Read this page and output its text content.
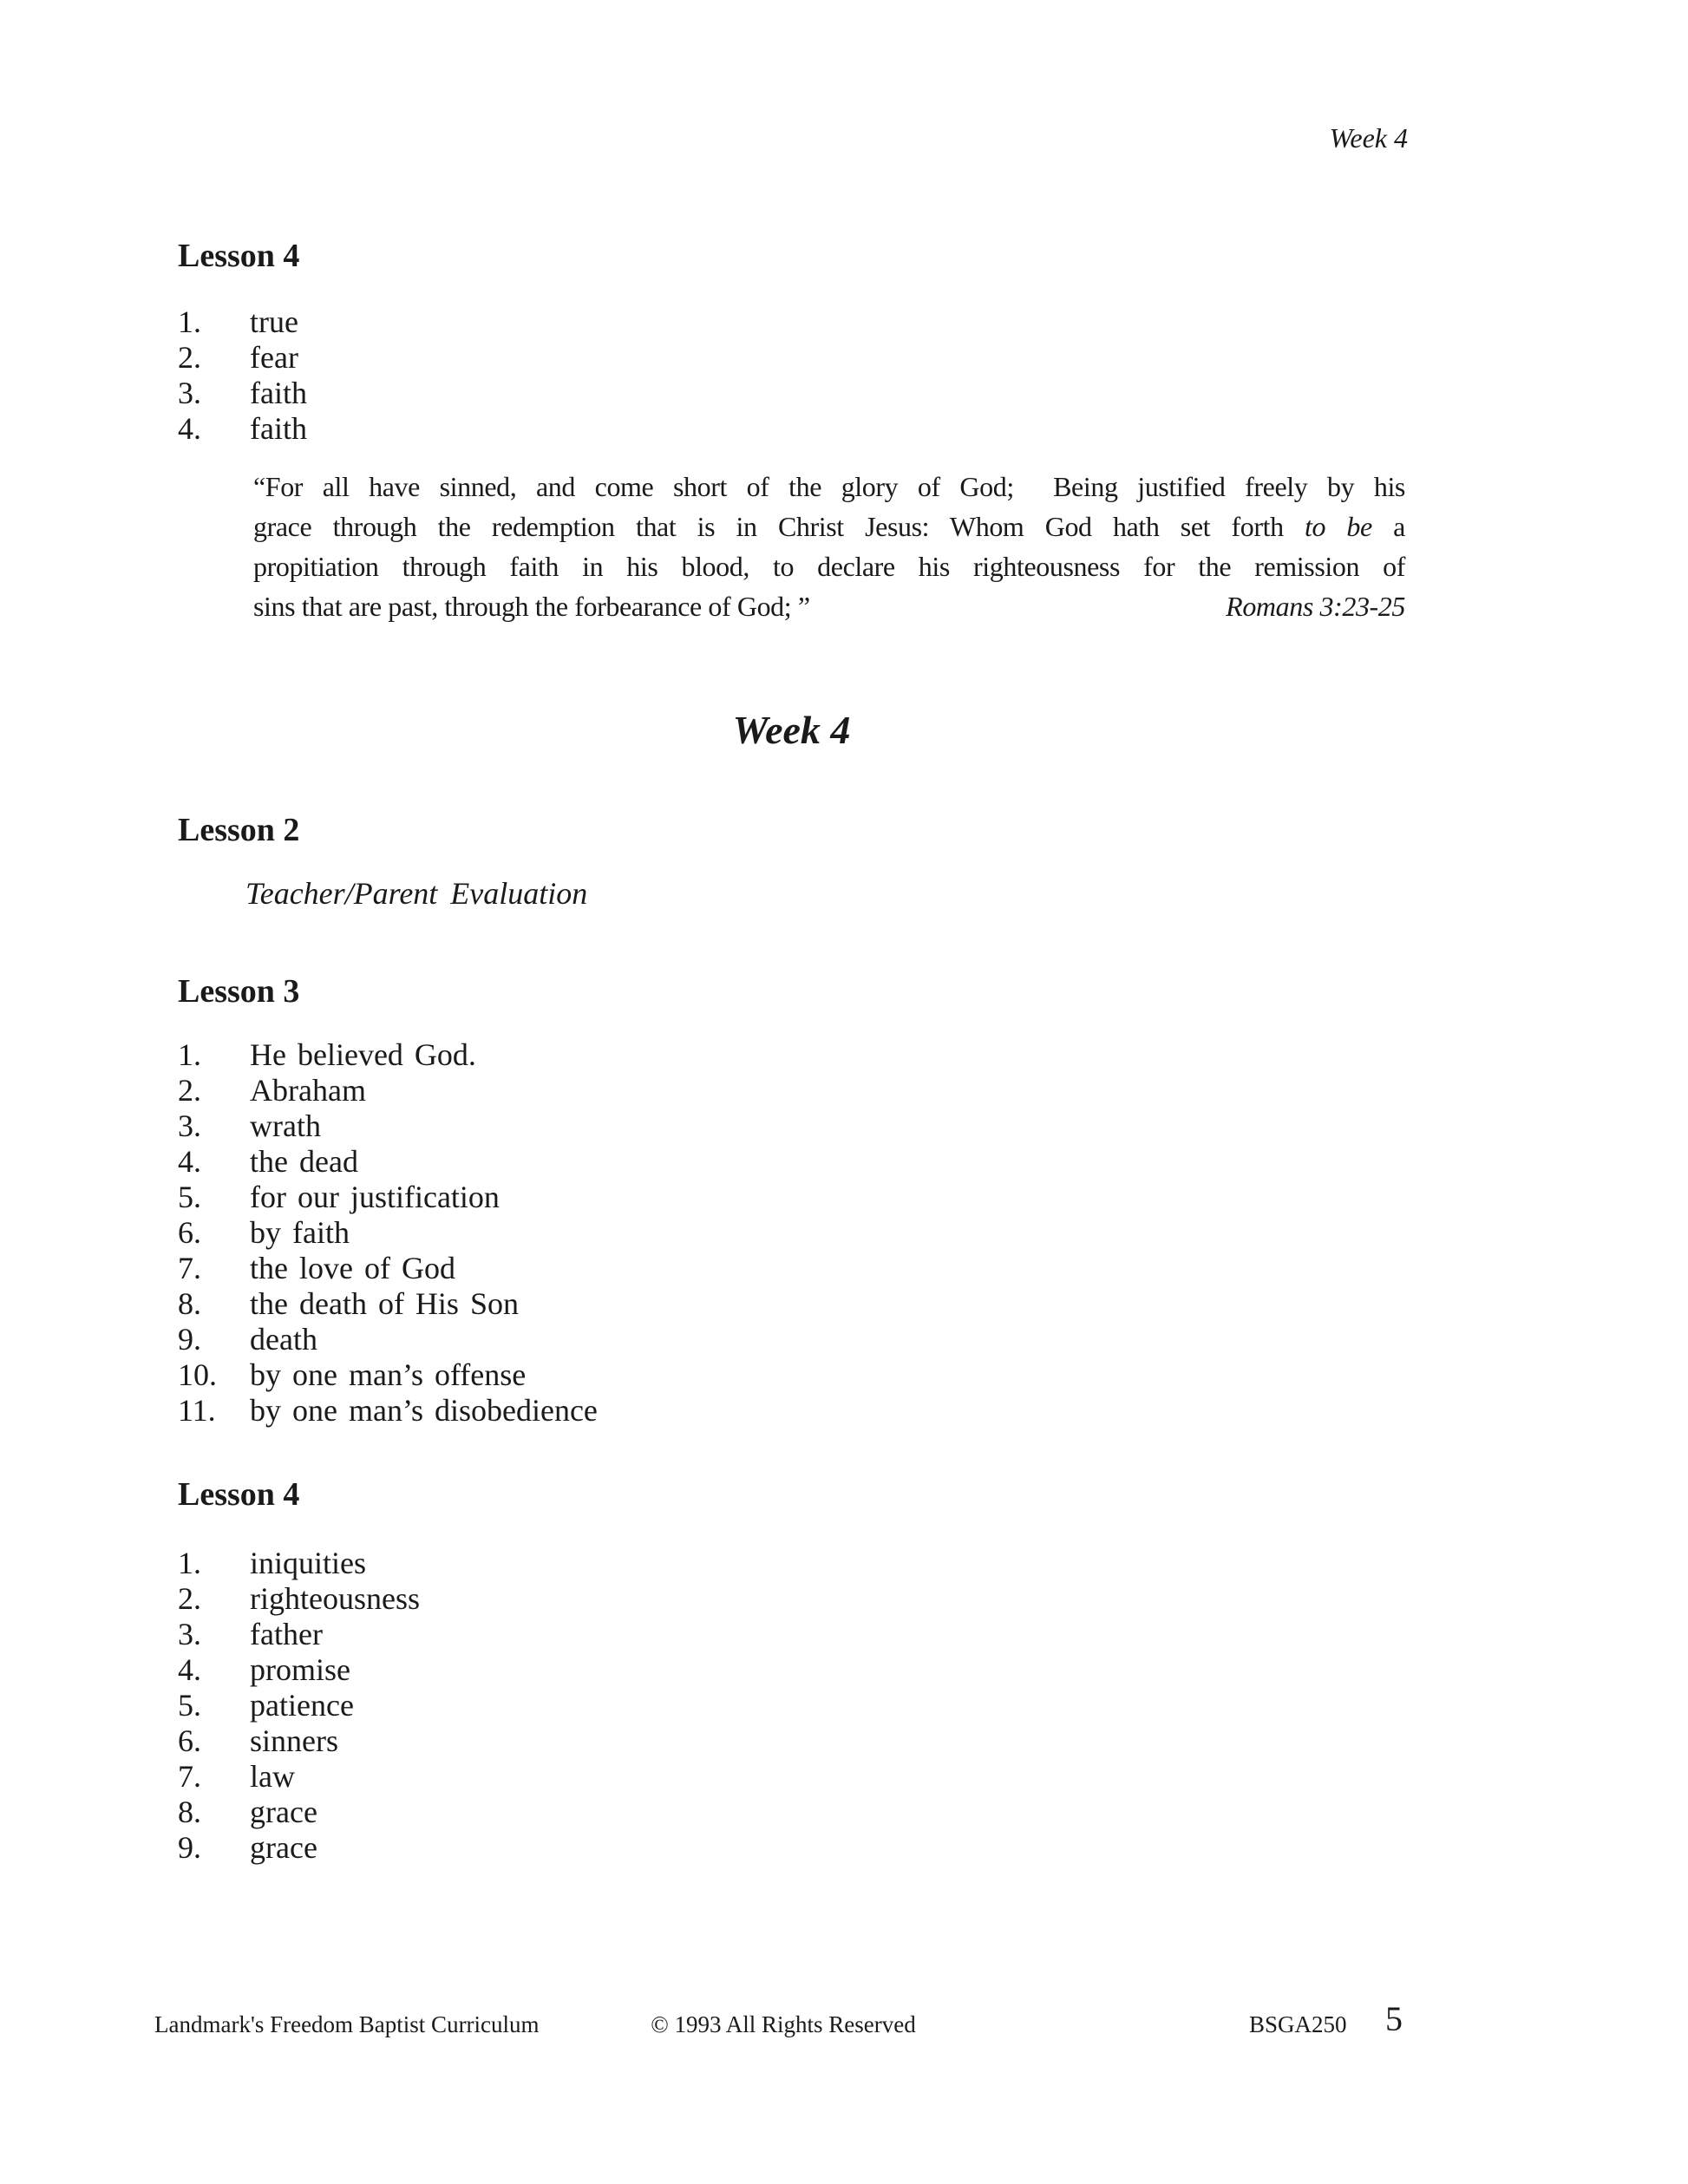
Week 4
Lesson 4
1. true
2. fear
3. faith
4. faith
“For all have sinned, and come short of the glory of God;  Being justified freely by his
grace through the redemption that is in Christ Jesus: Whom God hath set forth to be a
propitiation through faith in his blood, to declare his righteousness for the remission of
sins that are past, through the forbearance of God; ”	Romans 3:23-25
Week 4
Lesson 2
Teacher/Parent Evaluation
Lesson 3
1. He believed God.
2. Abraham
3. wrath
4. the dead
5. for our justification
6. by faith
7. the love of God
8. the death of His Son
9. death
10. by one man’s offense
11. by one man’s disobedience
Lesson 4
1. iniquities
2. righteousness
3. father
4. promise
5. patience
6. sinners
7. law
8. grace
9. grace
Landmark's Freedom Baptist Curriculum	© 1993 All Rights Reserved	BSGA250 5
